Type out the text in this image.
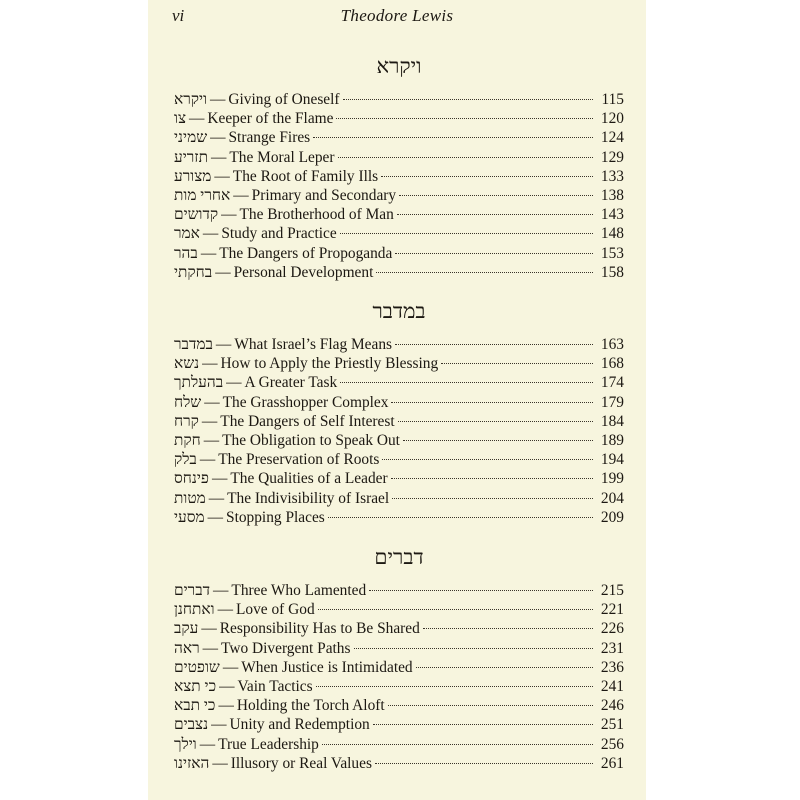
vi	Theodore Lewis
ויקרא
ויקרא — Giving of Oneself	115
צו — Keeper of the Flame	120
שמיני — Strange Fires	124
תזריע — The Moral Leper	129
מצורע — The Root of Family Ills	133
אחרי מות — Primary and Secondary	138
קדושים — The Brotherhood of Man	143
אמר — Study and Practice	148
בהר — The Dangers of Propoganda	153
בחקתי — Personal Development	158
במדבר
במדבר — What Israel’s Flag Means	163
נשא — How to Apply the Priestly Blessing	168
בהעלתך — A Greater Task	174
שלח — The Grasshopper Complex	179
קרח — The Dangers of Self Interest	184
חקת — The Obligation to Speak Out	189
בלק — The Preservation of Roots	194
פינחס — The Qualities of a Leader	199
מטות — The Indivisibility of Israel	204
מסעי — Stopping Places	209
דברים
דברים — Three Who Lamented	215
ואתחנן — Love of God	221
עקב — Responsibility Has to Be Shared	226
ראה — Two Divergent Paths	231
שופטים — When Justice is Intimidated	236
כי תצא — Vain Tactics	241
כי תבא — Holding the Torch Aloft	246
נצבים — Unity and Redemption	251
וילך — True Leadership	256
האזינו — Illusory or Real Values	261
